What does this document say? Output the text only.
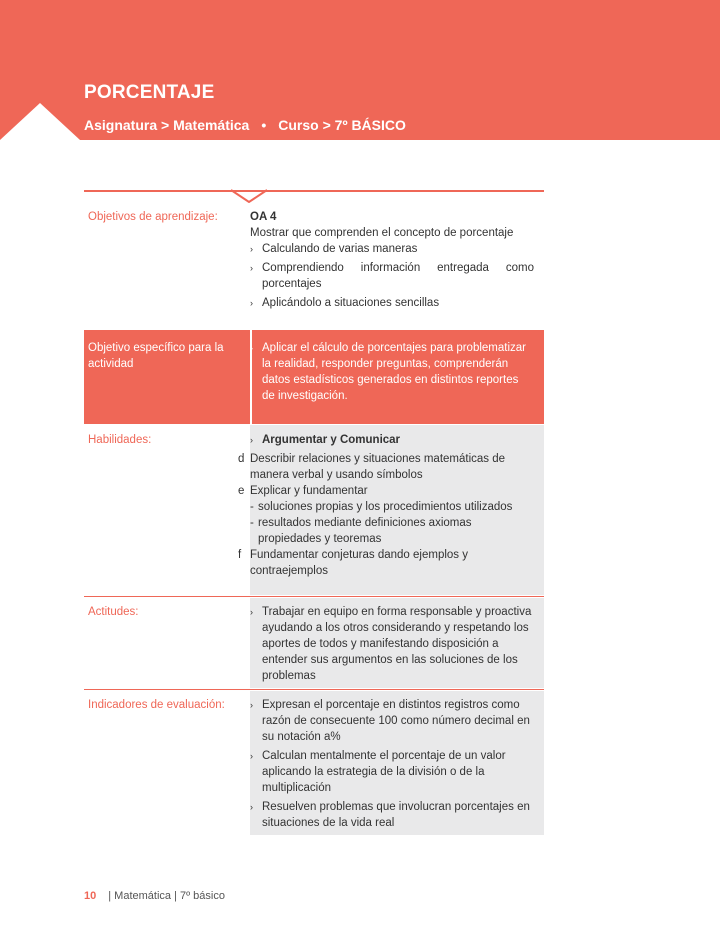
PORCENTAJE
Asignatura > Matemática • Curso > 7º BÁSICO
Objetivos de aprendizaje:	OA 4
Mostrar que comprenden el concepto de porcentaje
› Calculando de varias maneras
› Comprendiendo información entregada como porcentajes
› Aplicándolo a situaciones sencillas
Objetivo específico para la actividad
› Aplicar el cálculo de porcentajes para problematizar la realidad, responder preguntas, comprenderán datos estadísticos generados en distintos reportes de investigación.
Habilidades:	› Argumentar y Comunicar
d Describir relaciones y situaciones matemáticas de manera verbal y usando símbolos
e Explicar y fundamentar
- soluciones propias y los procedimientos utilizados
- resultados mediante definiciones axiomas propiedades y teoremas
f Fundamentar conjeturas dando ejemplos y contraejemplos
Actitudes:	› Trabajar en equipo en forma responsable y proactiva ayudando a los otros considerando y respetando los aportes de todos y manifestando disposición a entender sus argumentos en las soluciones de los problemas
Indicadores de evaluación:	› Expresan el porcentaje en distintos registros como razón de consecuente 100 como número decimal en su notación a%
› Calculan mentalmente el porcentaje de un valor aplicando la estrategia de la división o de la multiplicación
› Resuelven problemas que involucran porcentajes en situaciones de la vida real
10 | Matemática | 7º básico
